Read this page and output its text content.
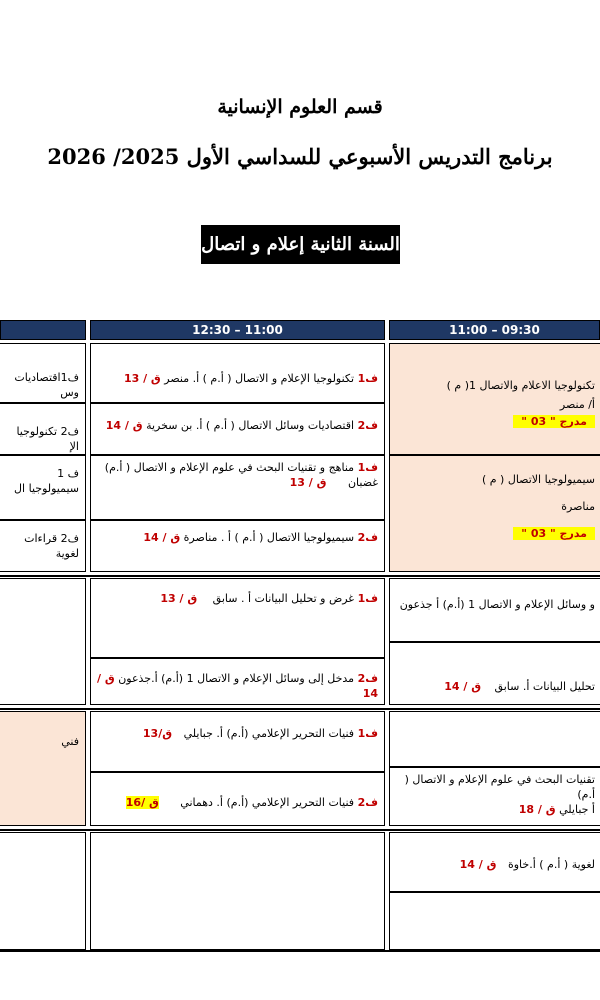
قسم العلوم الإنسانية
برنامج التدريس الأسبوعي للسداسي الأول 2025/ 2026
السنة الثانية إعلام و اتصال
12:30 – 11:00	11:00 – 09:30
ف1اقتصاديات وس
ف2 تكنولوجيا الإ
ف1 تكنولوجيا الإعلام و الاتصال ( أ.م ) أ. منصر ق / 13
ف2 اقتصاديات وسائل الاتصال ( أ.م ) أ. بن سخرية ق / 14
تكنولوجيا الاعلام والاتصال 1( م )
أ/ منصر
مدرج " 03 "
ف 1 سيميولوجيا ال
ف2 قراءات لغوية
ف1 مناهج و تقنيات البحث في علوم الإعلام و الاتصال ( أ.م)
غضبان ق / 13
ف2 سيميولوجيا الاتصال ( أ.م ) أ . مناصرة ق / 14
سيميولوجيا الاتصال ( م )
مناصرة
مدرج " 03 "
ف1 غرض و تحليل البيانات أ . سابق ق / 13
ف2 مدخل إلى وسائل الإعلام و الاتصال 1 (أ.م) أ.جذعون ق / 14
و وسائل الإعلام و الاتصال 1 (أ.م) أ جذعون
تحليل البيانات أ. سابق ق / 14
فني
ف1 فنيات التحرير الإعلامي (أ.م) أ. جبايلي ق/13
ف2 فنيات التحرير الإعلامي (أ.م) أ. دهماني ق /16
تقنيات البحث في علوم الإعلام و الاتصال ( أ.م)
أ جبايلي ق / 18
لغوية ( أ.م ) أ.خاوة ق / 14
